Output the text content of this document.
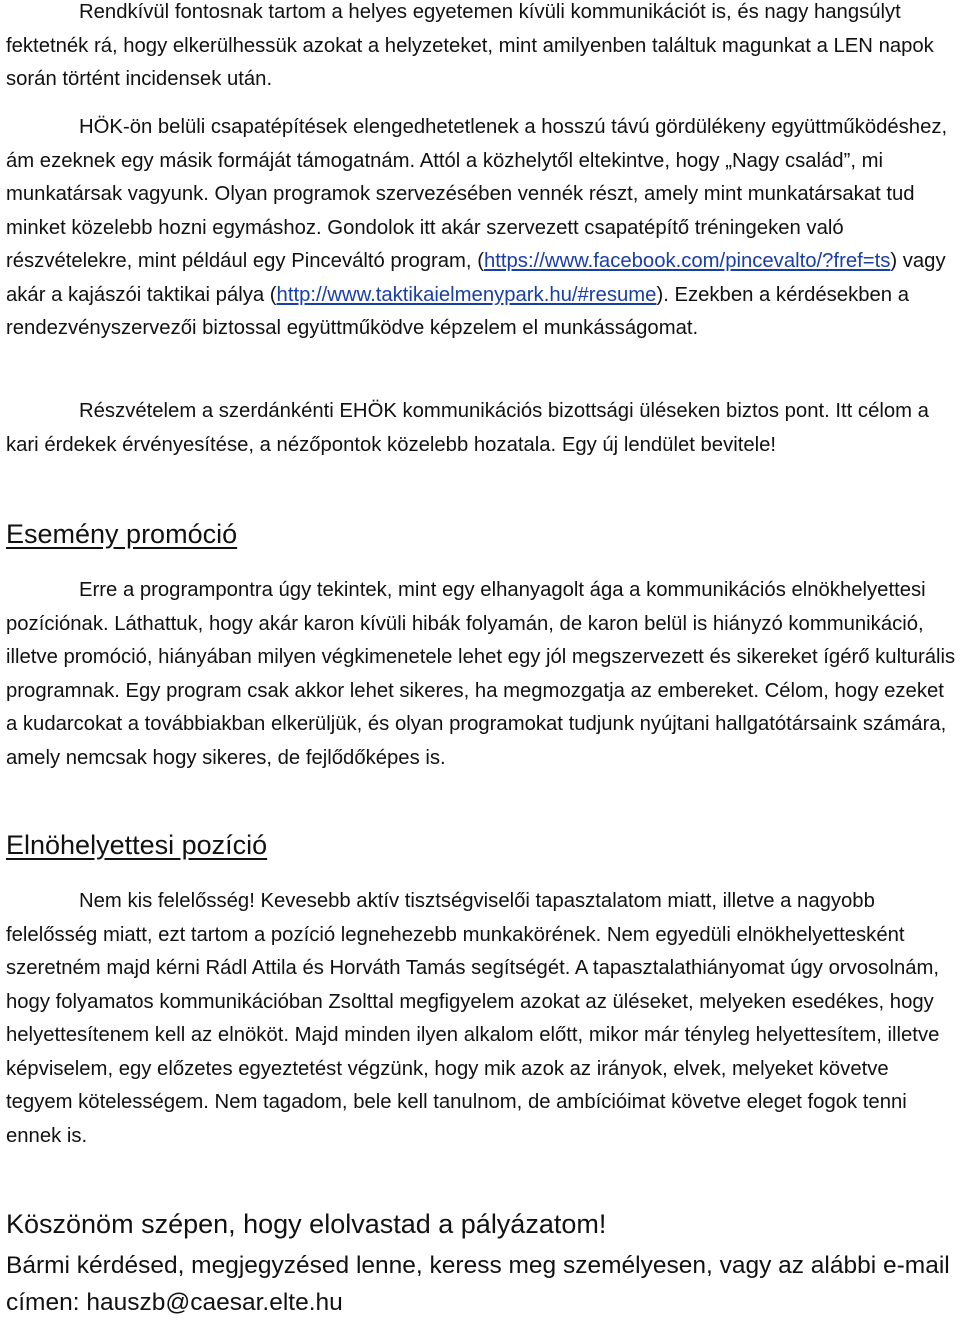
Rendkívül fontosnak tartom a helyes egyetemen kívüli kommunikációt is, és nagy hangsúlyt fektetnék rá, hogy elkerülhessük azokat a helyzeteket, mint amilyenben találtuk magunkat a LEN napok során történt incidensek után.

HÖK-ön belüli csapatépítések elengedhetetlenek a hosszú távú gördülékeny együttműködéshez, ám ezeknek egy másik formáját támogatnám. Attól a közhelytől eltekintve, hogy „Nagy család”, mi munkatársak vagyunk. Olyan programok szervezésében vennék részt, amely mint munkatársakat tud minket közelebb hozni egymáshoz. Gondolok itt akár szervezett csapatépítő tréningeken való részvételekre, mint például egy Pinceváltó program, (https://www.facebook.com/pincevalto/?fref=ts) vagy akár a kajászói taktikai pálya (http://www.taktikaielmenypark.hu/#resume). Ezekben a kérdésekben a rendezvényszervezői biztossal együttműködve képzelem el munkásságomat.

Részvételem a szerdánkénti EHÖK kommunikációs bizottsági üléseken biztos pont. Itt célom a kari érdekek érvényesítése, a nézőpontok közelebb hozatala. Egy új lendület bevitele!

Esemény promóció

Erre a programpontra úgy tekintek, mint egy elhanyagolt ága a kommunikációs elnökhelyettesi pozíciónak. Láthattuk, hogy akár karon kívüli hibák folyamán, de karon belül is hiányzó kommunikáció, illetve promóció, hiányában milyen végkimenetele lehet egy jól megszervezett és sikereket ígérő kulturális programnak. Egy program csak akkor lehet sikeres, ha megmozgatja az embereket. Célom, hogy ezeket a kudarcokat a továbbiakban elkerüljük, és olyan programokat tudjunk nyújtani hallgatótársaink számára, amely nemcsak hogy sikeres, de fejlődőképes is.

Elnöhelyettesi pozíció

Nem kis felelősség! Kevesebb aktív tisztségviselői tapasztalatom miatt, illetve a nagyobb felelősség miatt, ezt tartom a pozíció legnehezebb munkakörének. Nem egyedüli elnökhelyettesként szeretném majd kérni Rádl Attila és Horváth Tamás segítségét. A tapasztalathiányomat úgy orvosolnám, hogy folyamatos kommunikációban Zsolttal megfigyelem azokat az üléseket, melyeken esedékes, hogy helyettesítenem kell az elnököt. Majd minden ilyen alkalom előtt, mikor már tényleg helyettesítem, illetve képviselem, egy előzetes egyeztetést végzünk, hogy mik azok az irányok, elvek, melyeket követve tegyem kötelességem. Nem tagadom, bele kell tanulnom, de ambícióimat követve eleget fogok tenni ennek is.

Köszönöm szépen, hogy elolvastad a pályázatom!

Bármi kérdésed, megjegyzésed lenne, keress meg személyesen, vagy az alábbi e-mail címen: hauszb@caesar.elte.hu
